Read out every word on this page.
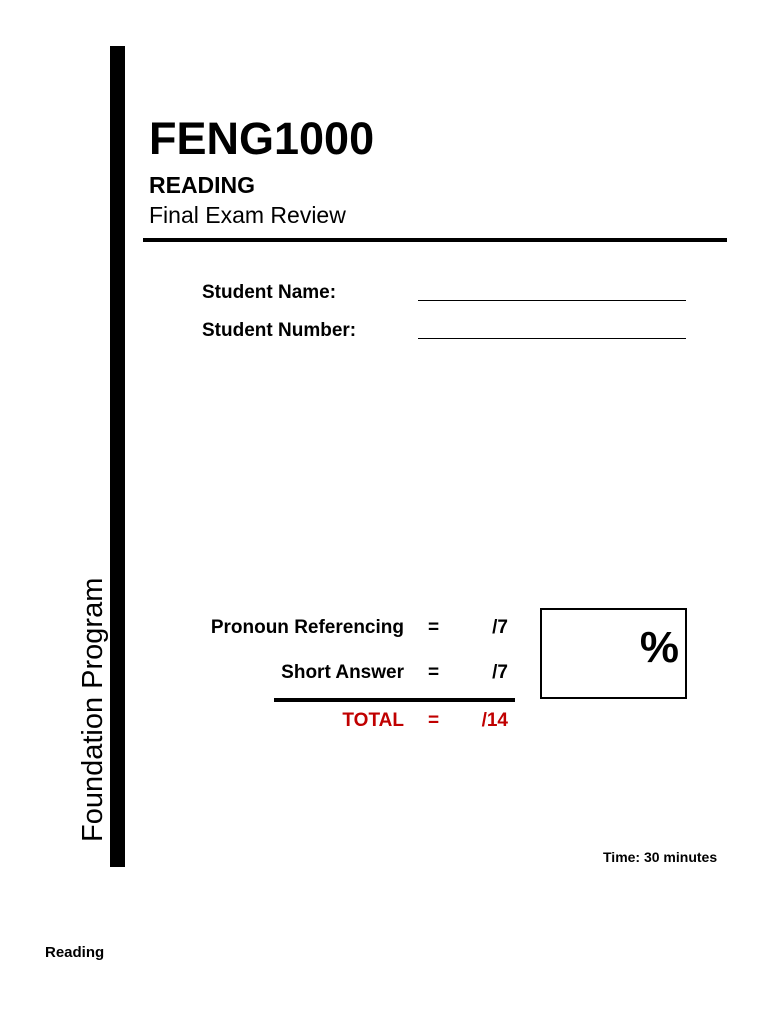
Foundation Program
FENG1000
READING
Final Exam Review
Student Name:
Student Number:
Pronoun Referencing =	/7
Short Answer =	/7
TOTAL =	/14
%
Time: 30 minutes
Reading
